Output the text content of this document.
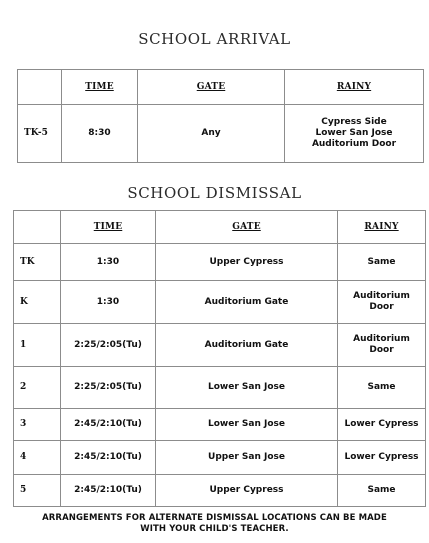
SCHOOL ARRIVAL
	TIME	GATE	RAINY
TK-5	8:30	Any	Cypress Side
Lower San Jose
Auditorium Door
SCHOOL DISMISSAL
	TIME	GATE	RAINY
TK	1:30	Upper Cypress	Same

K	1:30	Auditorium Gate	Auditorium
Door

1	2:25/2:05(Tu)	Auditorium Gate	Auditorium
Door

2	2:25/2:05(Tu)	Lower San Jose	Same

3	2:45/2:10(Tu)	Lower San Jose	Lower Cypress

4	2:45/2:10(Tu)	Upper San Jose	Lower Cypress

5	2:45/2:10(Tu)	Upper Cypress	Same
ARRANGEMENTS FOR ALTERNATE DISMISSAL LOCATIONS CAN BE MADE
WITH YOUR CHILD'S TEACHER.
